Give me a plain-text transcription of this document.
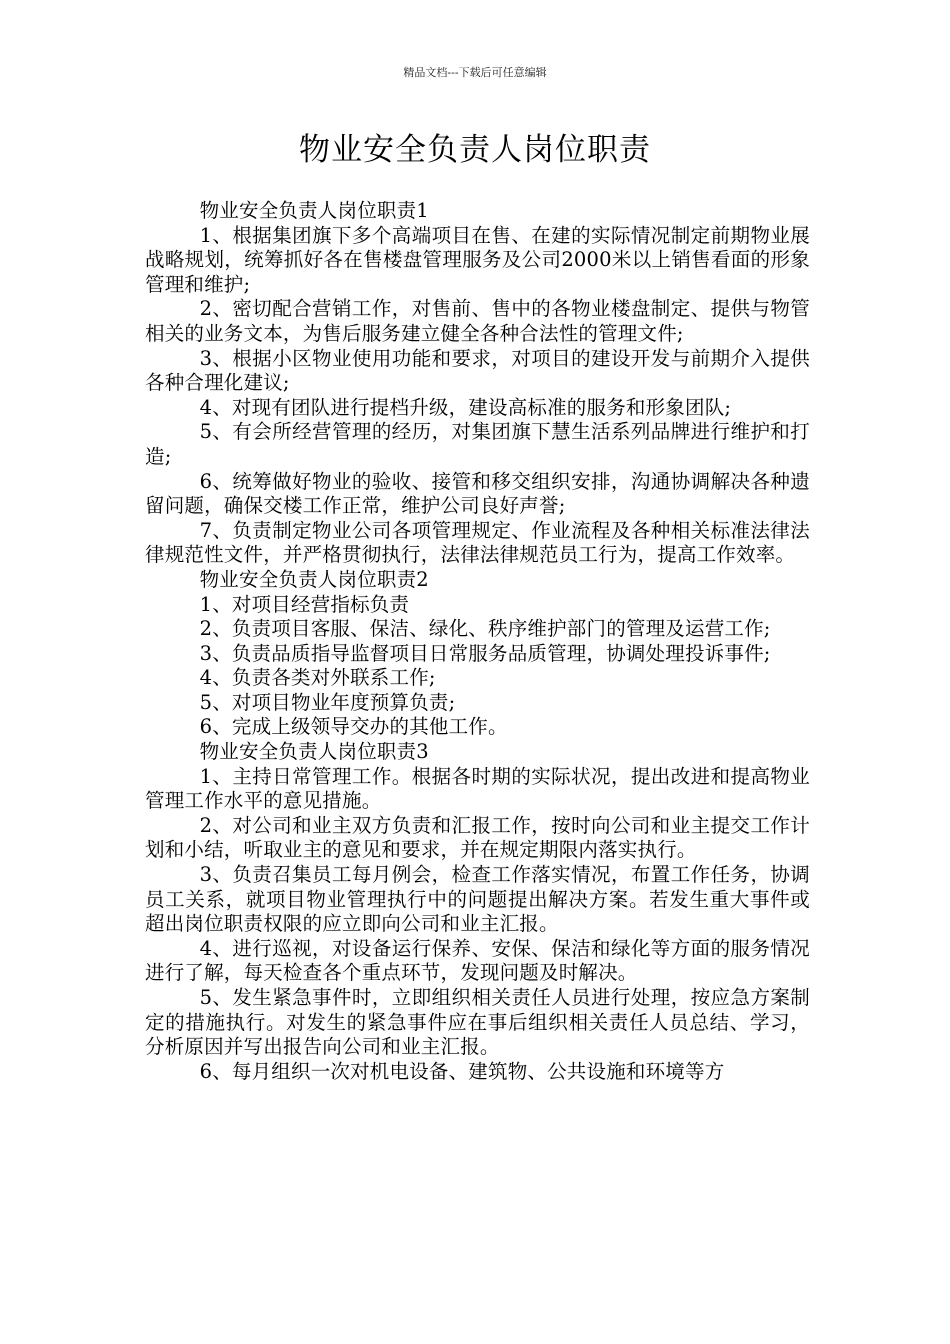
精品文档---下载后可任意编辑
物业安全负责人岗位职责

物业安全负责人岗位职责1

1、根据集团旗下多个高端项目在售、在建的实际情况制定前期物业展战略规划，统筹抓好各在售楼盘管理服务及公司2000米以上销售看面的形象管理和维护;

2、密切配合营销工作，对售前、售中的各物业楼盘制定、提供与物管相关的业务文本，为售后服务建立健全各种合法性的管理文件;

3、根据小区物业使用功能和要求，对项目的建设开发与前期介入提供各种合理化建议;

4、对现有团队进行提档升级，建设高标准的服务和形象团队;

5、有会所经营管理的经历，对集团旗下慧生活系列品牌进行维护和打造;

6、统筹做好物业的验收、接管和移交组织安排，沟通协调解决各种遗留问题，确保交楼工作正常，维护公司良好声誉;

7、负责制定物业公司各项管理规定、作业流程及各种相关标准法律法律规范性文件，并严格贯彻执行，法律法律规范员工行为，提高工作效率。

物业安全负责人岗位职责2

1、对项目经营指标负责

2、负责项目客服、保洁、绿化、秩序维护部门的管理及运营工作;

3、负责品质指导监督项目日常服务品质管理，协调处理投诉事件;

4、负责各类对外联系工作;

5、对项目物业年度预算负责;

6、完成上级领导交办的其他工作。

物业安全负责人岗位职责3

1、主持日常管理工作。根据各时期的实际状况，提出改进和提高物业管理工作水平的意见措施。

2、对公司和业主双方负责和汇报工作，按时向公司和业主提交工作计划和小结，听取业主的意见和要求，并在规定期限内落实执行。

3、负责召集员工每月例会，检查工作落实情况，布置工作任务，协调员工关系，就项目物业管理执行中的问题提出解决方案。若发生重大事件或超出岗位职责权限的应立即向公司和业主汇报。

4、进行巡视，对设备运行保养、安保、保洁和绿化等方面的服务情况进行了解，每天检查各个重点环节，发现问题及时解决。

5、发生紧急事件时，立即组织相关责任人员进行处理，按应急方案制定的措施执行。对发生的紧急事件应在事后组织相关责任人员总结、学习，分析原因并写出报告向公司和业主汇报。

6、每月组织一次对机电设备、建筑物、公共设施和环境等方
